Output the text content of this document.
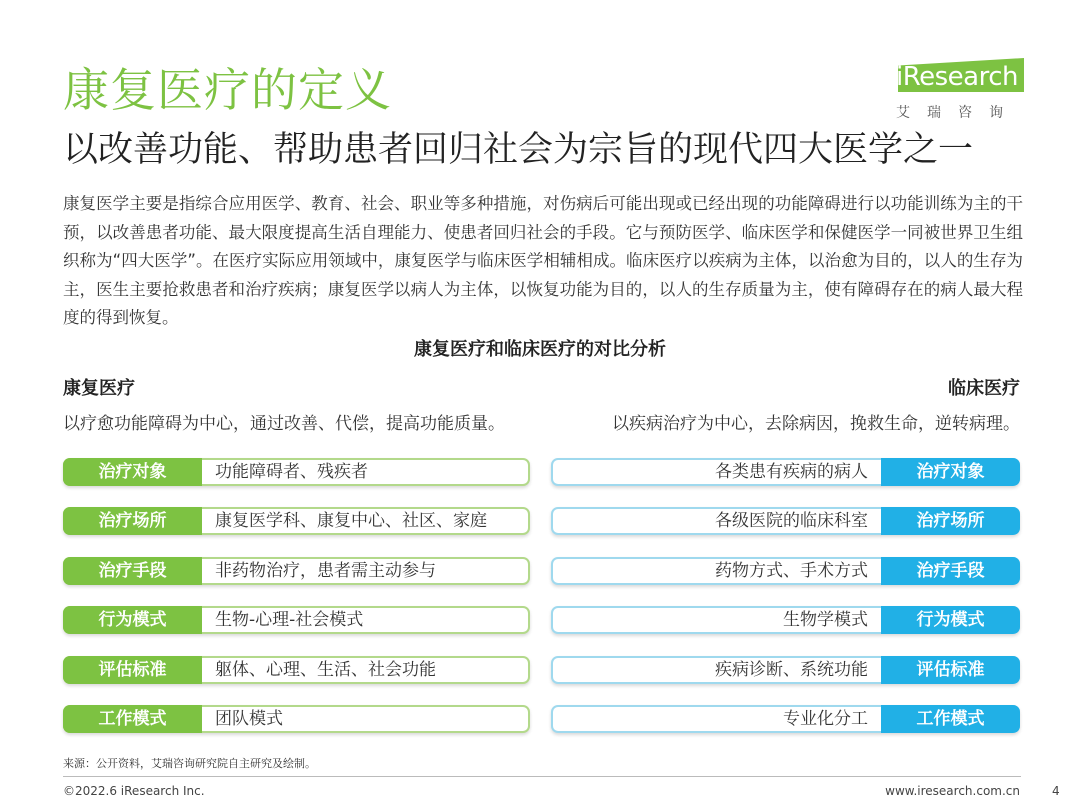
康复医疗的定义
以改善功能、帮助患者回归社会为宗旨的现代四大医学之一
iResearch
艾瑞咨询
康复医学主要是指综合应用医学、教育、社会、职业等多种措施，对伤病后可能出现或已经出现的功能障碍进行以功能训练为主的干预，以改善患者功能、最大限度提高生活自理能力、使患者回归社会的手段。它与预防医学、临床医学和保健医学一同被世界卫生组织称为“四大医学”。在医疗实际应用领域中，康复医学与临床医学相辅相成。临床医疗以疾病为主体，以治愈为目的，以人的生存为主，医生主要抢救患者和治疗疾病；康复医学以病人为主体，以恢复功能为目的，以人的生存质量为主，使有障碍存在的病人最大程度的得到恢复。
康复医疗和临床医疗的对比分析
康复医疗	临床医疗
以疗愈功能障碍为中心，通过改善、代偿，提高功能质量。	以疾病治疗为中心，去除病因，挽救生命，逆转病理。
治疗对象	功能障碍者、残疾者
治疗场所	康复医学科、康复中心、社区、家庭
治疗手段	非药物治疗，患者需主动参与
行为模式	生物-心理-社会模式
评估标准	躯体、心理、生活、社会功能
工作模式	团队模式
各类患有疾病的病人	治疗对象
各级医院的临床科室	治疗场所
药物方式、手术方式	治疗手段
生物学模式	行为模式
疾病诊断、系统功能	评估标准
专业化分工	工作模式
来源：公开资料，艾瑞咨询研究院自主研究及绘制。
©2022.6 iResearch Inc.	www.iresearch.com.cn	4
